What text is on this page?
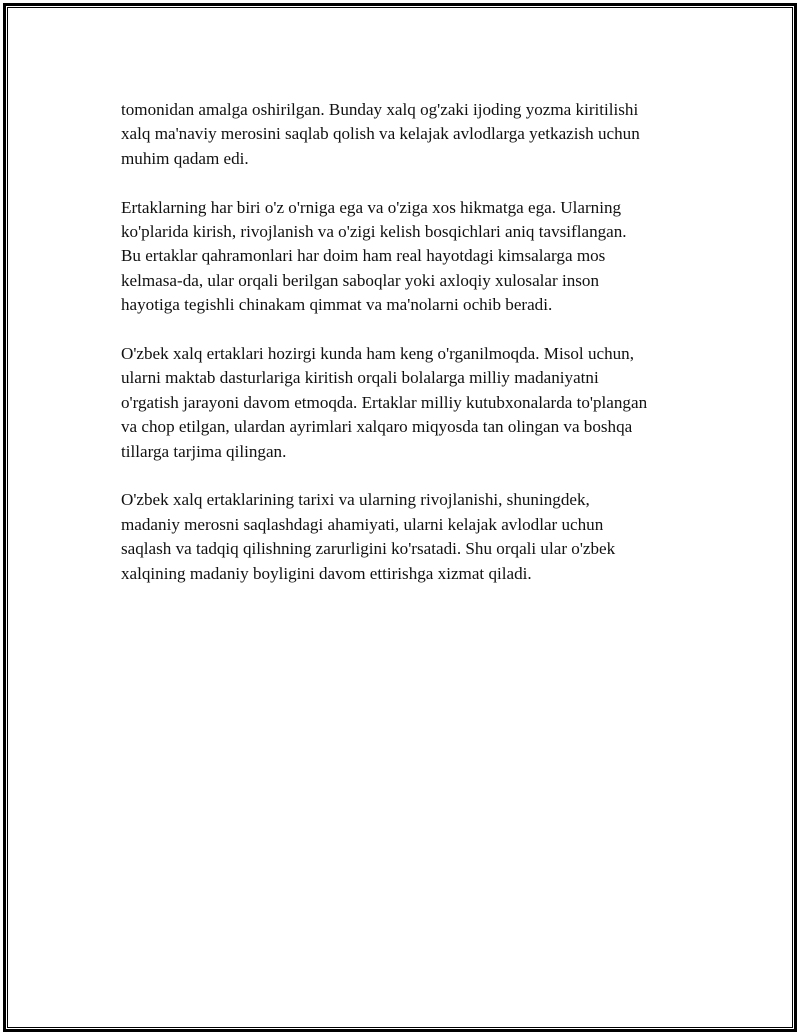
tomonidan amalga oshirilgan. Bunday xalq og'zaki ijoding yozma kiritilishi
xalq ma'naviy merosini saqlab qolish va kelajak avlodlarga yetkazish uchun
muhim qadam edi.

Ertaklarning har biri o'z o'rniga ega va o'ziga xos hikmatga ega. Ularning
ko'plarida kirish, rivojlanish va o'zigi kelish bosqichlari aniq tavsiflangan.
Bu ertaklar qahramonlari har doim ham real hayotdagi kimsalarga mos
kelmasa-da, ular orqali berilgan saboqlar yoki axloqiy xulosalar inson
hayotiga tegishli chinakam qimmat va ma'nolarni ochib beradi.

O'zbek xalq ertaklari hozirgi kunda ham keng o'rganilmoqda. Misol uchun,
ularni maktab dasturlariga kiritish orqali bolalarga milliy madaniyatni
o'rgatish jarayoni davom etmoqda. Ertaklar milliy kutubxonalarda to'plangan
va chop etilgan, ulardan ayrimlari xalqaro miqyosda tan olingan va boshqa
tillarga tarjima qilingan.

O'zbek xalq ertaklarining tarixi va ularning rivojlanishi, shuningdek,
madaniy merosni saqlashdagi ahamiyati, ularni kelajak avlodlar uchun
saqlash va tadqiq qilishning zarurligini ko'rsatadi. Shu orqali ular o'zbek
xalqining madaniy boyligini davom ettirishga xizmat qiladi.
